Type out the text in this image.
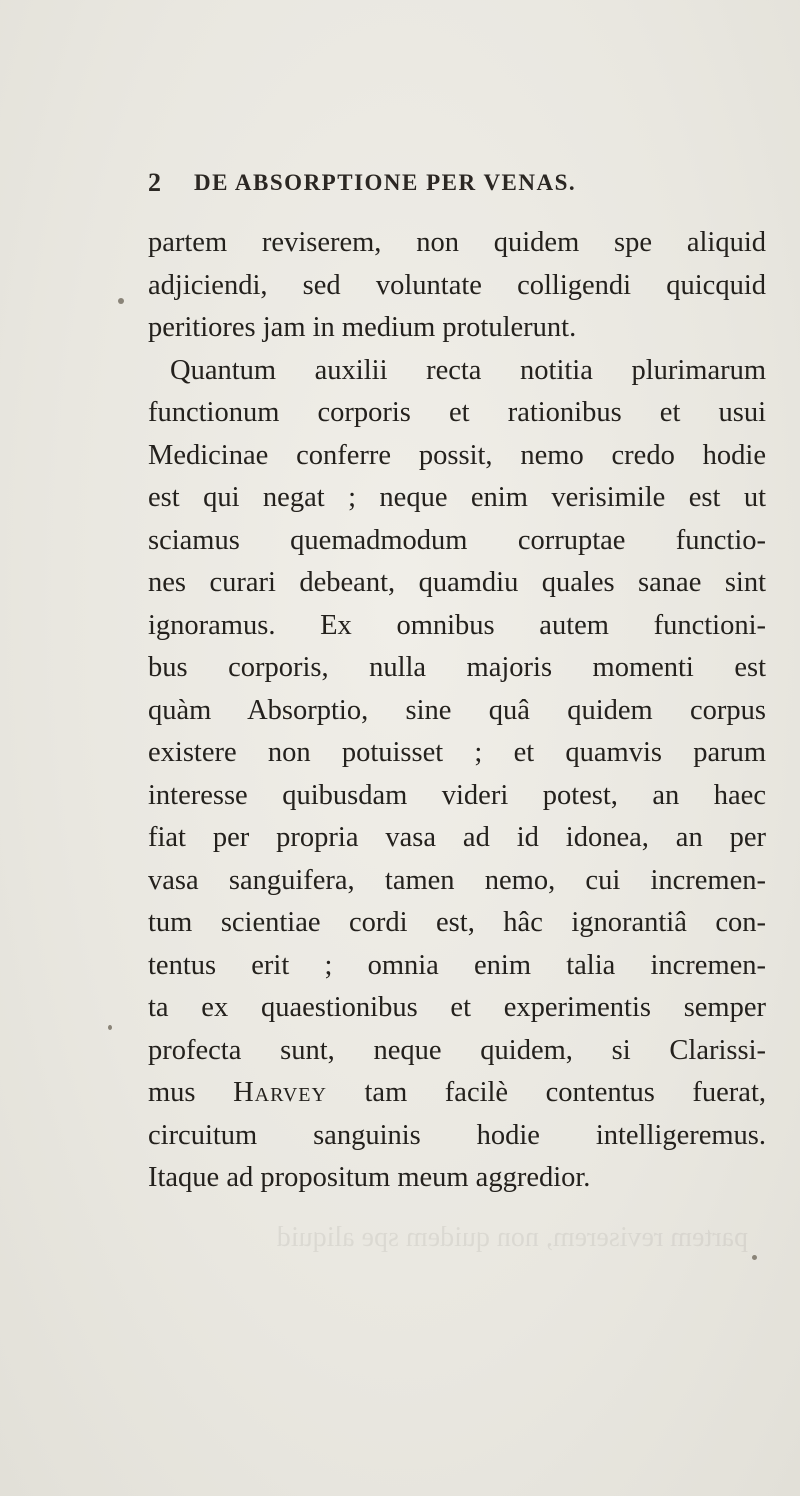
2 DE ABSORPTIONE PER VENAS.
partem reviserem, non quidem spe aliquid
adjiciendi, sed voluntate colligendi quicquid
peritiores jam in medium protulerunt.
Quantum auxilii recta notitia plurimarum
functionum corporis et rationibus et usui
Medicinae conferre possit, nemo credo hodie
est qui negat ; neque enim verisimile est ut
sciamus quemadmodum corruptae functio-
nes curari debeant, quamdiu quales sanae sint
ignoramus. Ex omnibus autem functioni-
bus corporis, nulla majoris momenti est
quàm Absorptio, sine quâ quidem corpus
existere non potuisset ; et quamvis parum
interesse quibusdam videri potest, an haec
fiat per propria vasa ad id idonea, an per
vasa sanguifera, tamen nemo, cui incremen-
tum scientiae cordi est, hâc ignorantiâ con-
tentus erit ; omnia enim talia incremen-
ta ex quaestionibus et experimentis semper
profecta sunt, neque quidem, si Clarissi-
mus Harvey tam facilè contentus fuerat,
circuitum sanguinis hodie intelligeremus.
Itaque ad propositum meum aggredior.
partem reviserem, non quidem spe aliquid
